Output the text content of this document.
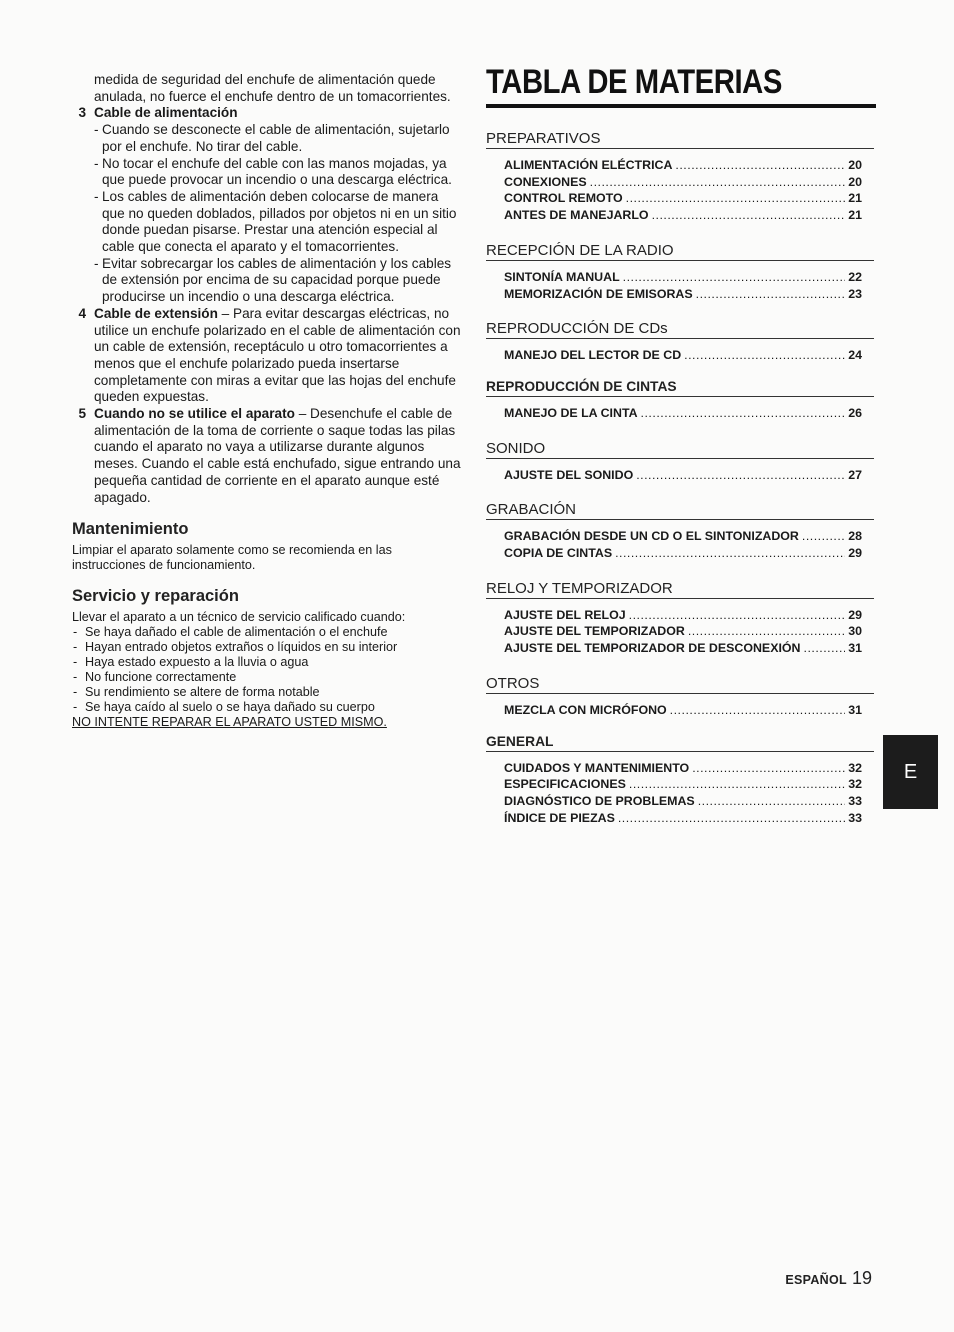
medida de seguridad del enchufe de alimentación quede anulada, no fuerce el enchufe dentro de un tomacorrientes.

3 Cable de alimentación

- Cuando se desconecte el cable de alimentación, sujetarlo por el enchufe. No tirar del cable.
- No tocar el enchufe del cable con las manos mojadas, ya que puede provocar un incendio o una descarga eléctrica.
- Los cables de alimentación deben colocarse de manera que no queden doblados, pillados por objetos ni en un sitio donde puedan pisarse. Prestar una atención especial al cable que conecta el aparato y el tomacorrientes.
- Evitar sobrecargar los cables de alimentación y los cables de extensión por encima de su capacidad porque puede producirse un incendio o una descarga eléctrica.
4 Cable de extensión – Para evitar descargas eléctricas, no utilice un enchufe polarizado en el cable de alimentación con un cable de extensión, receptáculo u otro tomacorrientes a menos que el enchufe polarizado pueda insertarse completamente con miras a evitar que las hojas del enchufe queden expuestas.

5 Cuando no se utilice el aparato – Desenchufe el cable de alimentación de la toma de corriente o saque todas las pilas cuando el aparato no vaya a utilizarse durante algunos meses. Cuando el cable está enchufado, sigue entrando una pequeña cantidad de corriente en el aparato aunque esté apagado.

Mantenimiento

Limpiar el aparato solamente como se recomienda en las instrucciones de funcionamiento.

Servicio y reparación

Llevar el aparato a un técnico de servicio calificado cuando:

- Se haya dañado el cable de alimentación o el enchufe
- Hayan entrado objetos extraños o líquidos en su interior
- Haya estado expuesto a la lluvia o agua
- No funcione correctamente
- Su rendimiento se altere de forma notable
- Se haya caído al suelo o se haya dañado su cuerpo

NO INTENTE REPARAR EL APARATO USTED MISMO.

TABLA DE MATERIAS
PREPARATIVOS
ALIMENTACIÓN ELÉCTRICA .....	20
CONEXIONES .....	20
CONTROL REMOTO .....	21
ANTES DE MANEJARLO .....	21
RECEPCIÓN DE LA RADIO
SINTONÍA MANUAL .....	22
MEMORIZACIÓN DE EMISORAS .....	23
REPRODUCCIÓN DE CDs
MANEJO DEL LECTOR DE CD .....	24
REPRODUCCIÓN DE CINTAS
MANEJO DE LA CINTA .....	26
SONIDO
AJUSTE DEL SONIDO .....	27
GRABACIÓN
GRABACIÓN DESDE UN CD O EL SINTONIZADOR .....	28
COPIA DE CINTAS .....	29
RELOJ Y TEMPORIZADOR
AJUSTE DEL RELOJ .....	29
AJUSTE DEL TEMPORIZADOR .....	30
AJUSTE DEL TEMPORIZADOR DE DESCONEXIÓN .....	31
OTROS
MEZCLA CON MICRÓFONO .....	31
GENERAL
CUIDADOS Y MANTENIMIENTO .....	32
ESPECIFICACIONES .....	32
DIAGNÓSTICO DE PROBLEMAS .....	33
ÍNDICE DE PIEZAS .....	33
E
ESPAÑOL 19
